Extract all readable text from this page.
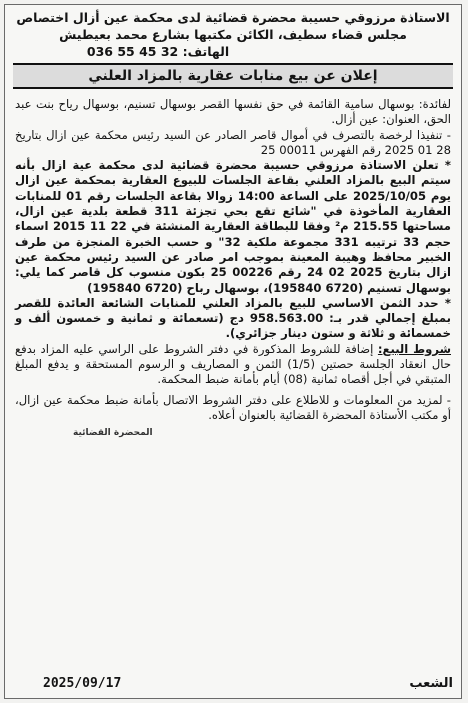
الاستاذة مرزوقي حسيبة محضرة قضائية لدى محكمة عين أزال اختصاص
مجلس قضاء سطيف، الكائن مكتبها بشارع محمد بعيطيش
الهاتف: 32 45 55 036
إعلان عن بيع منابات عقارية بالمزاد العلني

لفائدة: بوسهال سامية القائمة في حق نفسها القصر بوسهال تسنيم، بوسهال رياح بنت عبد الحق، العنوان: عين أزال.

- تنفيذا لرخصة بالتصرف في أموال قاصر الصادر عن السيد رئيس محكمة عين ازال بتاريخ 28 01 2025 رقم الفهرس 00011 25

* تعلن الاستاذة مرزوقي حسيبة محضرة قضائية لدى محكمة عية ازال بأنه سيتم البيع بالمزاد العلني بقاعة الجلسات للبيوع العقارية بمحكمة عين ازال يوم 2025/10/05 على الساعة 14:00 زوالا بقاعة الجلسات رقم 01 للمنابات العقارية المأخوذة في "شائع تقع بحي تجزئة 311 قطعة بلدية عين ازال، مساحتها 215.55 م² وفقا للبطاقة العقارية المنشئة في 22 11 2015 اسماء حجم 33 ترتيبه 331 مجموعة ملكية 32" و حسب الخبرة المنجزة من طرف الخبير محافظ وهيبة المعينة بموجب امر صادر عن السيد رئيس محكمة عين ازال بتاريخ 2025 02 24 رقم 00226 25 بكون منسوب كل قاصر كما يلي: بوسهال تسنيم (6720 195840)، بوسهال رباح (6720 195840)

* حدد الثمن الاساسي للبيع بالمزاد العلني للمنابات الشائعة العائدة للقصر بمبلغ إجمالي قدر بـ: 958.563.00 دج (تسعمائة و ثمانية و خمسون ألف و خمسمائة و ثلاثة و ستون دينار جزائري).

شروط البيع: إضافة للشروط المذكورة في دفتر الشروط على الراسي عليه المزاد بدفع حال انعقاد الجلسة حصتين (1/5) الثمن و المصاريف و الرسوم المستحقة و يدفع المبلغ المتبقي في أجل أقصاه ثمانية (08) أيام بأمانة ضبط المحكمة.

- لمزيد من المعلومات و للاطلاع على دفتر الشروط الاتصال بأمانة ضبط محكمة عين ازال، أو مكتب الأستاذة المحضرة القضائية بالعنوان أعلاه.

المحضرة القضائية
الشعب
2025/09/17
